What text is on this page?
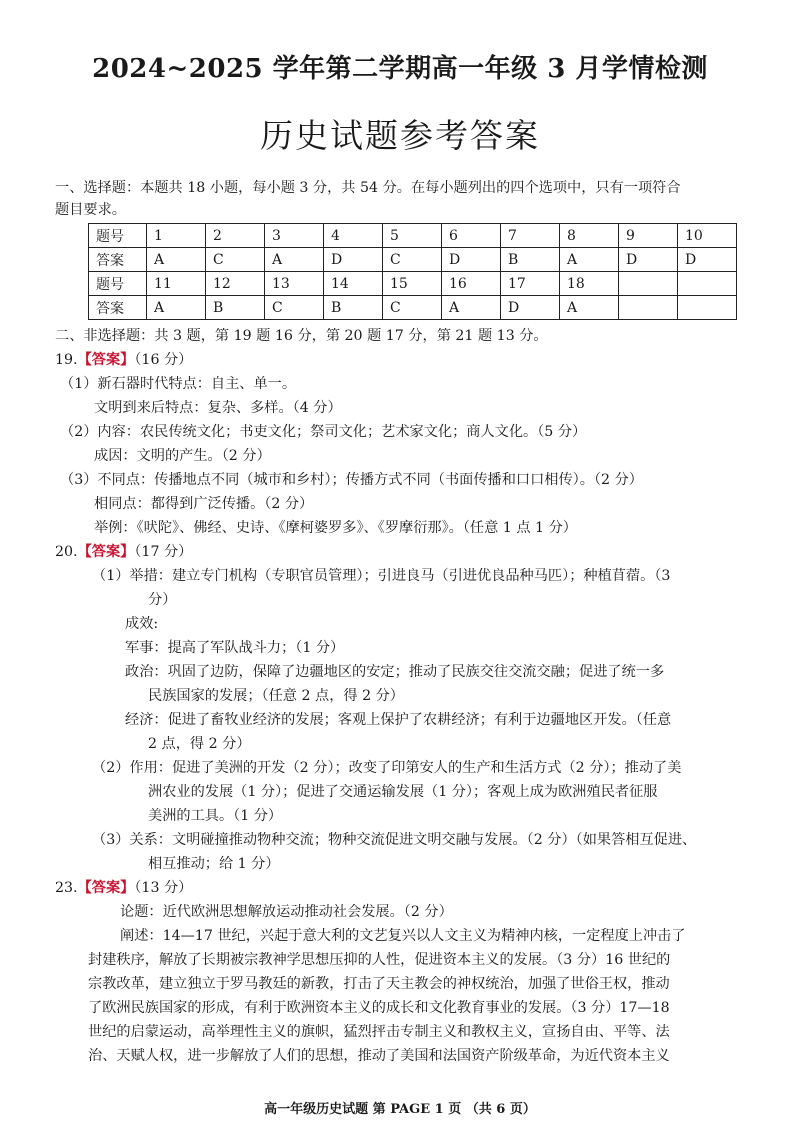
2024~2025 学年第二学期高一年级 3 月学情检测
历史试题参考答案
一、选择题：本题共 18 小题，每小题 3 分，共 54 分。在每小题列出的四个选项中，只有一项符合
题目要求。
题号	1	2	3	4	5	6	7	8	9	10
答案	A	C	A	D	C	D	B	A	D	D
题号	11	12	13	14	15	16	17	18		
答案	A	B	C	B	C	A	D	A		
二、非选择题：共 3 题，第 19 题 16 分，第 20 题 17 分，第 21 题 13 分。
19.【答案】（16 分）
（1）新石器时代特点：自主、单一。
文明到来后特点：复杂、多样。（4 分）
（2）内容：农民传统文化；书吏文化；祭司文化；艺术家文化；商人文化。（5 分）
成因：文明的产生。（2 分）
（3）不同点：传播地点不同（城市和乡村）；传播方式不同（书面传播和口口相传）。（2 分）
相同点：都得到广泛传播。（2 分）
举例：《吠陀》、佛经、史诗、《摩柯婆罗多》、《罗摩衍那》。（任意 1 点 1 分）
20.【答案】（17 分）
（1）举措：建立专门机构（专职官员管理）；引进良马（引进优良品种马匹）；种植苜蓿。（3
分）
成效:
军事：提高了军队战斗力；（1 分）
政治：巩固了边防，保障了边疆地区的安定；推动了民族交往交流交融；促进了统一多
民族国家的发展；（任意 2 点，得 2 分）
经济：促进了畜牧业经济的发展；客观上保护了农耕经济；有利于边疆地区开发。（任意
2 点，得 2 分）
（2）作用：促进了美洲的开发（2 分）；改变了印第安人的生产和生活方式（2 分）；推动了美
洲农业的发展（1 分）；促进了交通运输发展（1 分）；客观上成为欧洲殖民者征服
美洲的工具。（1 分）
（3）关系：文明碰撞推动物种交流；物种交流促进文明交融与发展。（2 分）（如果答相互促进、
相互推动；给 1 分）
23.【答案】（13 分）
论题：近代欧洲思想解放运动推动社会发展。（2 分）
阐述：14—17 世纪，兴起于意大利的文艺复兴以人文主义为精神内核，一定程度上冲击了
封建秩序，解放了长期被宗教神学思想压抑的人性，促进资本主义的发展。（3 分）16 世纪的
宗教改革，建立独立于罗马教廷的新教，打击了天主教会的神权统治，加强了世俗王权，推动
了欧洲民族国家的形成，有利于欧洲资本主义的成长和文化教育事业的发展。（3 分）17—18
世纪的启蒙运动，高举理性主义的旗帜，猛烈抨击专制主义和教权主义，宣扬自由、平等、法
治、天赋人权，进一步解放了人们的思想，推动了美国和法国资产阶级革命，为近代资本主义
高一年级历史试题 第 PAGE 1 页 （共 6 页）
